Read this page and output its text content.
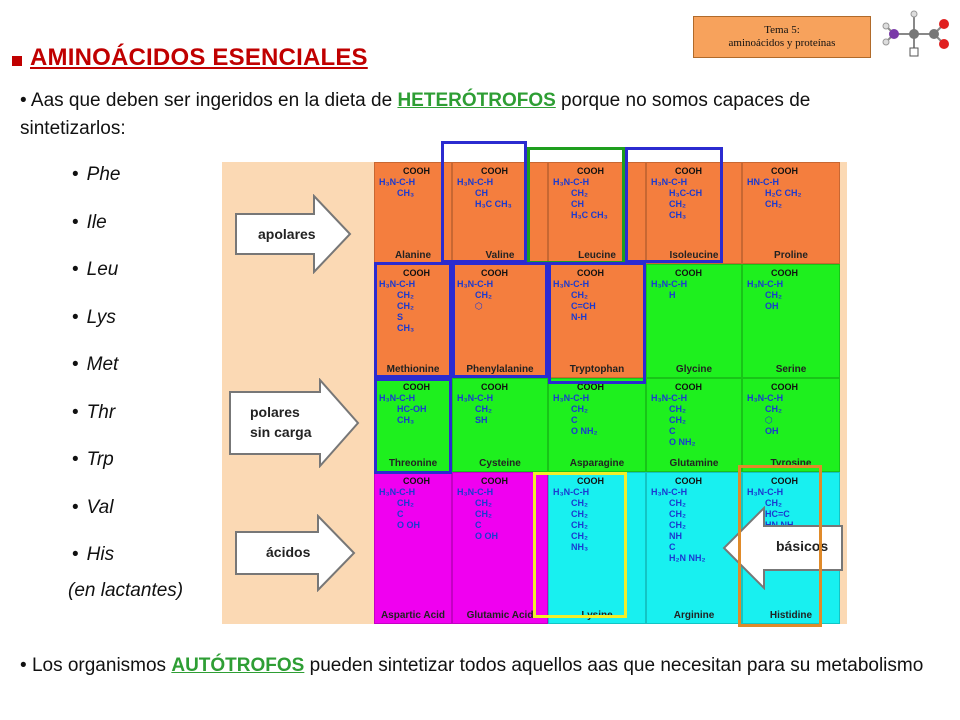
Tema 5:
aminoácidos y proteínas
AMINOÁCIDOS ESENCIALES
• Aas que deben ser ingeridos en la dieta de HETERÓTROFOS porque no somos capaces de sintetizarlos:
• Phe
• Ile
• Leu
• Lys
• Met
• Thr
• Trp
• Val
• His
(en lactantes)
COOH
H₃N-C-H
CH₃
Alanine
COOH
H₃N-C-H
CH
H₃C CH₃
Valine
COOH
H₃N-C-H
CH₂
CH
H₃C CH₃
Leucine
COOH
H₃N-C-H
H₃C-CH
CH₂
CH₃
Isoleucine
COOH
HN-C-H
H₂C CH₂
CH₂
Proline
COOH
H₃N-C-H
CH₂
CH₂
S
CH₃
Methionine
COOH
H₃N-C-H
CH₂
⬡
Phenylalanine
COOH
H₃N-C-H
CH₂
C=CH
N-H
Tryptophan
COOH
H₃N-C-H
H
Glycine
COOH
H₃N-C-H
CH₂
OH
Serine
COOH
H₃N-C-H
HC-OH
CH₃
Threonine
COOH
H₃N-C-H
CH₂
SH
Cysteine
COOH
H₃N-C-H
CH₂
C
O NH₂
Asparagine
COOH
H₃N-C-H
CH₂
CH₂
C
O NH₂
Glutamine
COOH
H₃N-C-H
CH₂
⬡
OH
Tyrosine
COOH
H₃N-C-H
CH₂
C
O OH
Aspartic Acid
COOH
H₃N-C-H
CH₂
CH₂
C
O OH
Glutamic Acid
COOH
H₃N-C-H
CH₂
CH₂
CH₂
CH₂
NH₃
Lysine
COOH
H₃N-C-H
CH₂
CH₂
CH₂
NH
C
H₂N NH₂
Arginine
COOH
H₃N-C-H
CH₂
HC=C
Histidine
apolares
polares
sin carga
ácidos	básicos
• Los organismos AUTÓTROFOS pueden sintetizar todos aquellos aas que necesitan para su metabolismo
